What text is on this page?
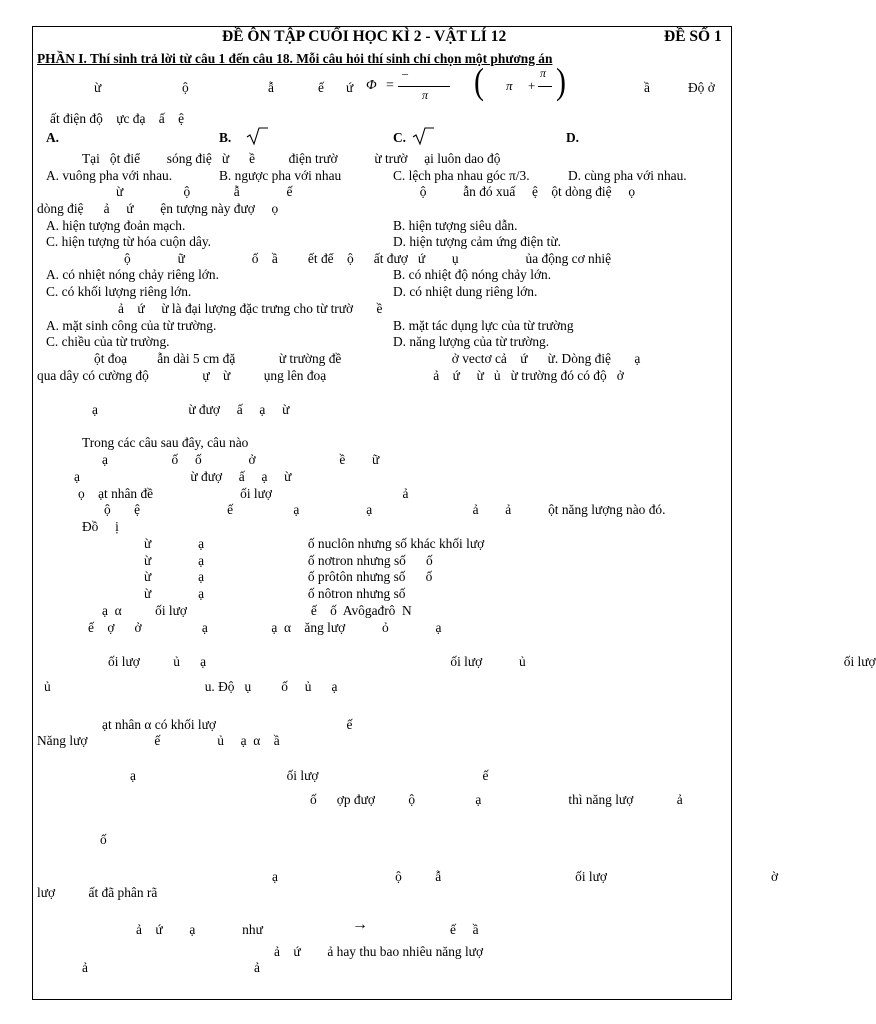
ĐỀ ÔN TẬP CUỐI HỌC KÌ 2 - VẬT LÍ 12	ĐỀ SỐ 1
PHẦN I. Thí sinh trả lời từ câu 1 đến câu 18. Mỗi câu hỏi thí sinh chỉ chọn một phương án
ừ	ộ	ẫ	ế ứ Φ =
–
π ( π +
π )	ầ	Độ ở
ất điện độ    ực đạ    ấ    ệ
A.	B.	C.	D.
Tại   ột điể        sóng điệ   ừ      ề          điện trườ           ừ trườ     ại luôn dao độ
A. vuông pha với nhau.	B. ngược pha với nhau	C. lệch pha nhau góc π/3.	D. cùng pha với nhau.
ừ                  ộ             ẫ              ế                                      ộ           ẫn đó xuấ     ệ    ột dòng điệ     ọ
dòng điệ      ả     ứ        ện tượng này đượ     ọ
A. hiện tượng đoản mạch.	B. hiện tượng siêu dẫn.
C. hiện tượng từ hóa cuộn dây.	D. hiện tượng cảm ứng điện từ.
ộ              ữ                    ố    ầ         ết để    ộ      ất đượ   ứ        ụ                    ủa động cơ nhiệ
A. có nhiệt nóng chảy riêng lớn.	B. có nhiệt độ nóng chảy lớn.
C. có khối lượng riêng lớn.	D. có nhiệt dung riêng lớn.
ả    ứ     ừ là đại lượng đặc trưng cho từ trườ       ề
A. mặt sinh công của từ trường.	B. mặt tác dụng lực của từ trường
C. chiều của từ trường.	D. năng lượng của từ trường.
ột đoạ         ẫn dài 5 cm đặ             ừ trường đề                                 ở vectơ cả    ứ      ừ. Dòng điệ       ạ
qua dây có cường độ                ự    ừ          ụng lên đoạ                                ả    ứ     ừ   ủ   ừ trường đó có độ   ở
ạ                           ừ đượ     ấ     ạ     ừ
Trong các câu sau đây, câu nào
ạ                   ố     ố              ở                         ề        ữ
ạ                                 ừ đượ     ấ     ạ     ừ
ọ    ạt nhân đề                          ối lượ                                       ả
ộ       ệ                          ế                  ạ                    ạ                              ả        ả           ột năng lượng nào đó.
Đồ     ị
ừ              ạ                               ố nuclôn nhưng số khác khối lượ
ừ              ạ                               ố nơtron nhưng số      ố
ừ              ạ                               ố prôtôn nhưng số      ố
ừ              ạ                               ố nôtron nhưng số
ạ  α          ối lượ                                     ế    ố  Avôgađrô  N
ế    ợ      ở                  ạ                   ạ  α    ăng lượ           ỏ              ạ
ối lượ          ủ      ạ                                                                         ối lượ           ủ                                                                                               ối lượ
ủ                                              u. Độ   ụ         ố     ủ      ạ
ạt nhân α có khối lượ                                       ế
Năng lượ                    ế                 ủ     ạ  α    ầ
ạ                                             ối lượ                                                 ế
ố      ợp đượ          ộ                  ạ                          thì năng lượ             ả
ố
ạ                                   ộ          ẫ                                        ối lượ                                                 ờ
lượ          ất đã phân rã
ả    ứ        ạ              như	→	ế     ầ
ả    ứ        ả hay thu bao nhiêu năng lượ
ả	ả
